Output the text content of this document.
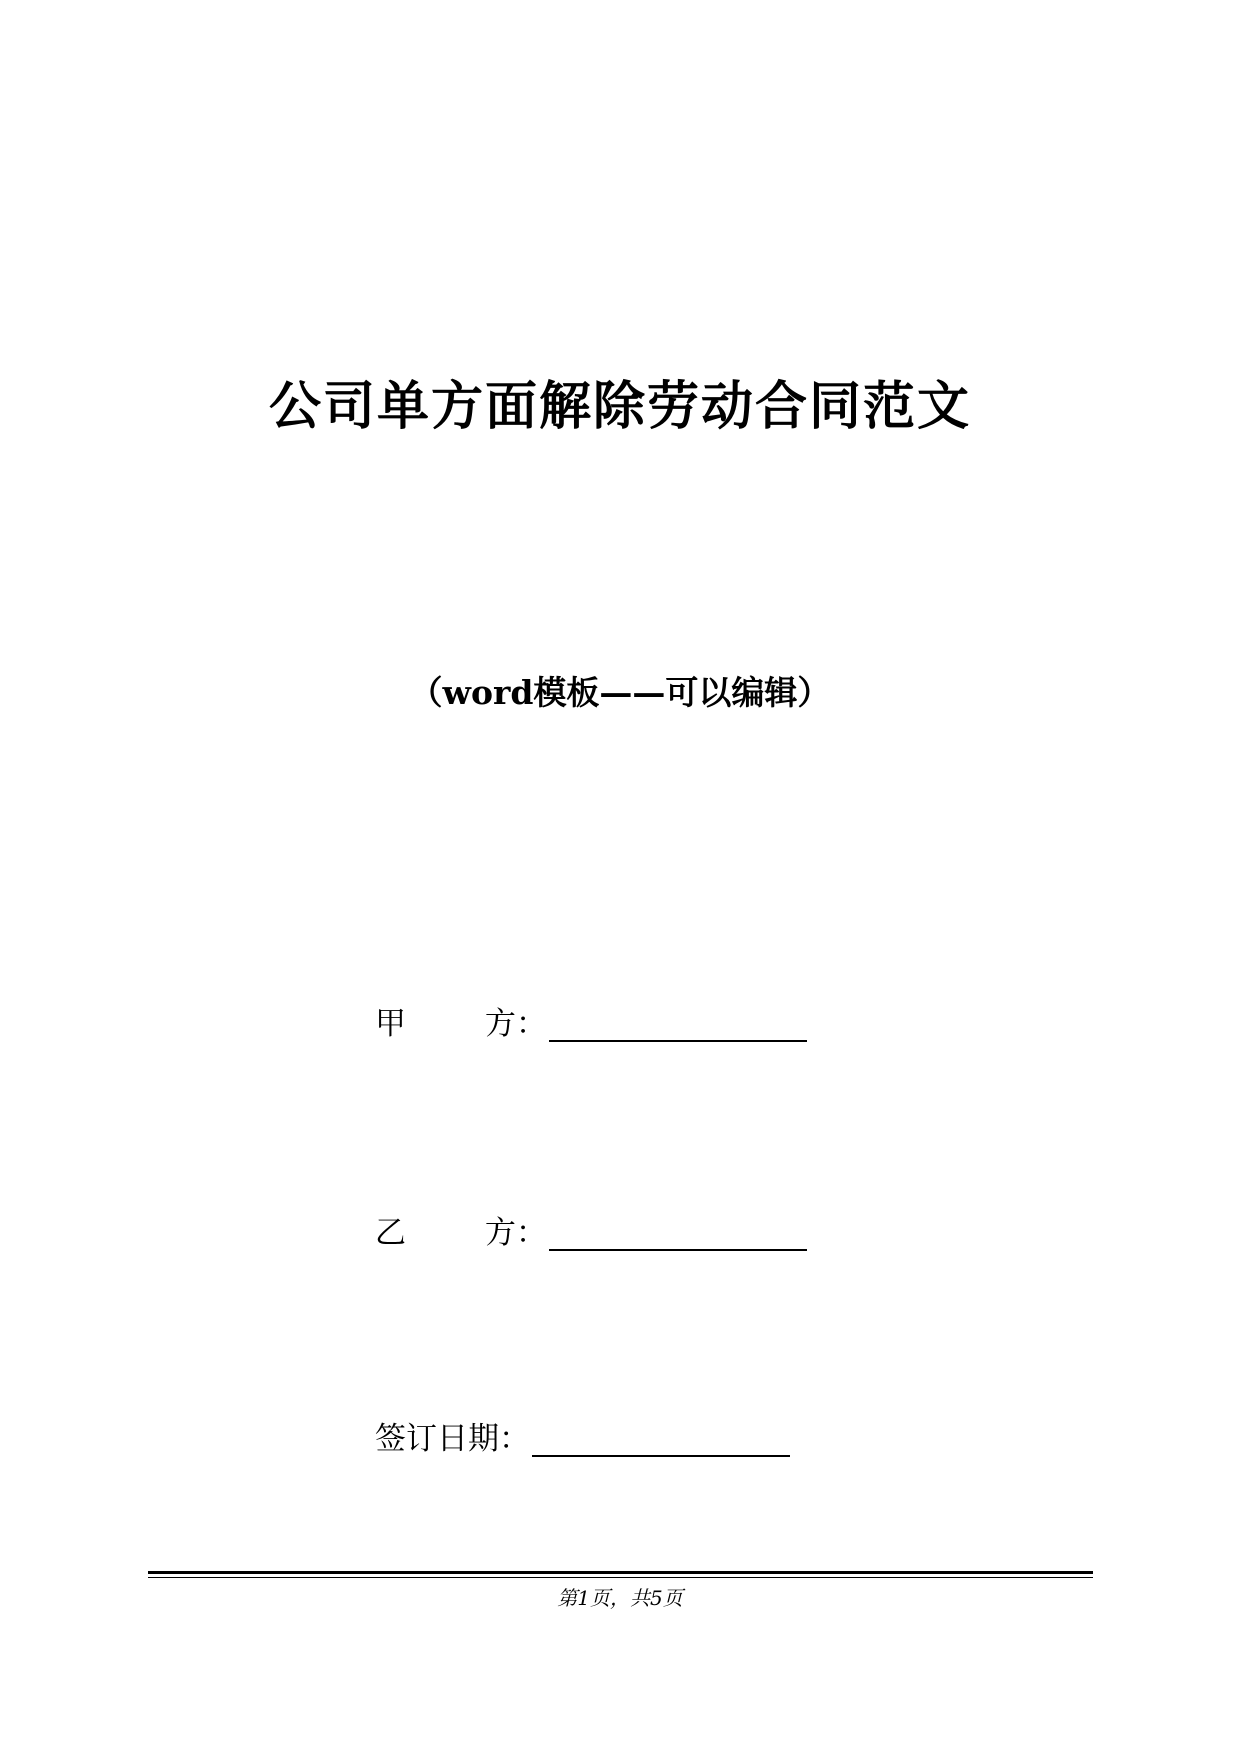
公司单方面解除劳动合同范文
（word模板——可以编辑）
甲        方：
乙        方：
签订日期：
第1页，共5页
